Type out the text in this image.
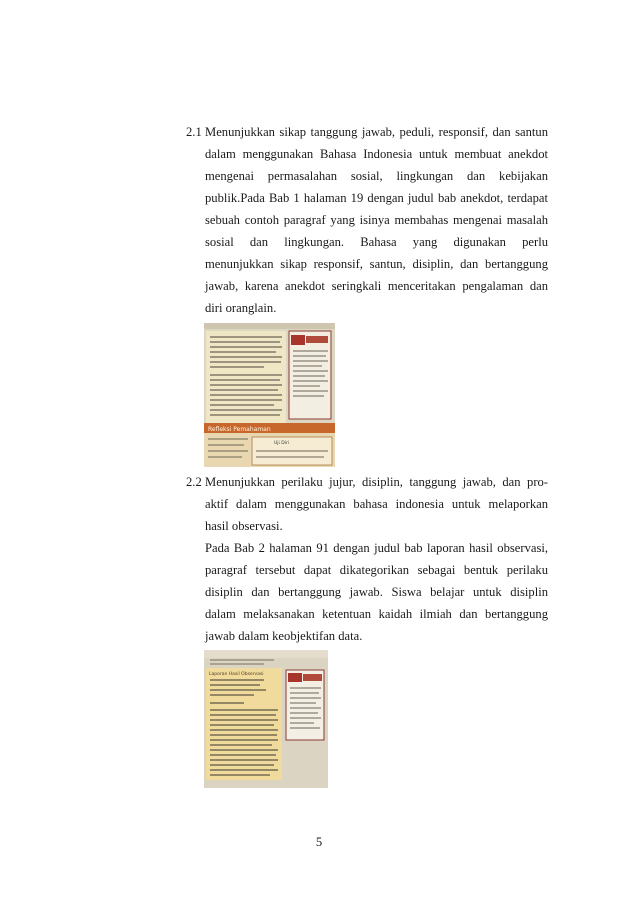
2.1 Menunjukkan sikap tanggung jawab, peduli, responsif, dan santun
dalam menggunakan Bahasa Indonesia untuk membuat anekdot
mengenai permasalahan sosial, lingkungan dan kebijakan
publik.Pada Bab 1 halaman 19 dengan judul bab anekdot, terdapat
sebuah contoh paragraf yang isinya membahas mengenai masalah
sosial dan lingkungan. Bahasa yang digunakan perlu
menunjukkan sikap responsif, santun, disiplin, dan bertanggung
jawab, karena anekdot seringkali menceritakan pengalaman dan
diri oranglain.
Refleksi Pemahaman
Uji Diri
2.2 Menunjukkan perilaku jujur, disiplin, tanggung jawab, dan pro-
aktif dalam menggunakan bahasa indonesia untuk melaporkan
hasil observasi.
Pada Bab 2 halaman 91 dengan judul bab laporan hasil observasi,
paragraf tersebut dapat dikategorikan sebagai bentuk perilaku
disiplin dan bertanggung jawab. Siswa belajar untuk disiplin
dalam melaksanakan ketentuan kaidah ilmiah dan bertanggung
jawab dalam keobjektifan data.
Laporan Hasil Observasi
5
